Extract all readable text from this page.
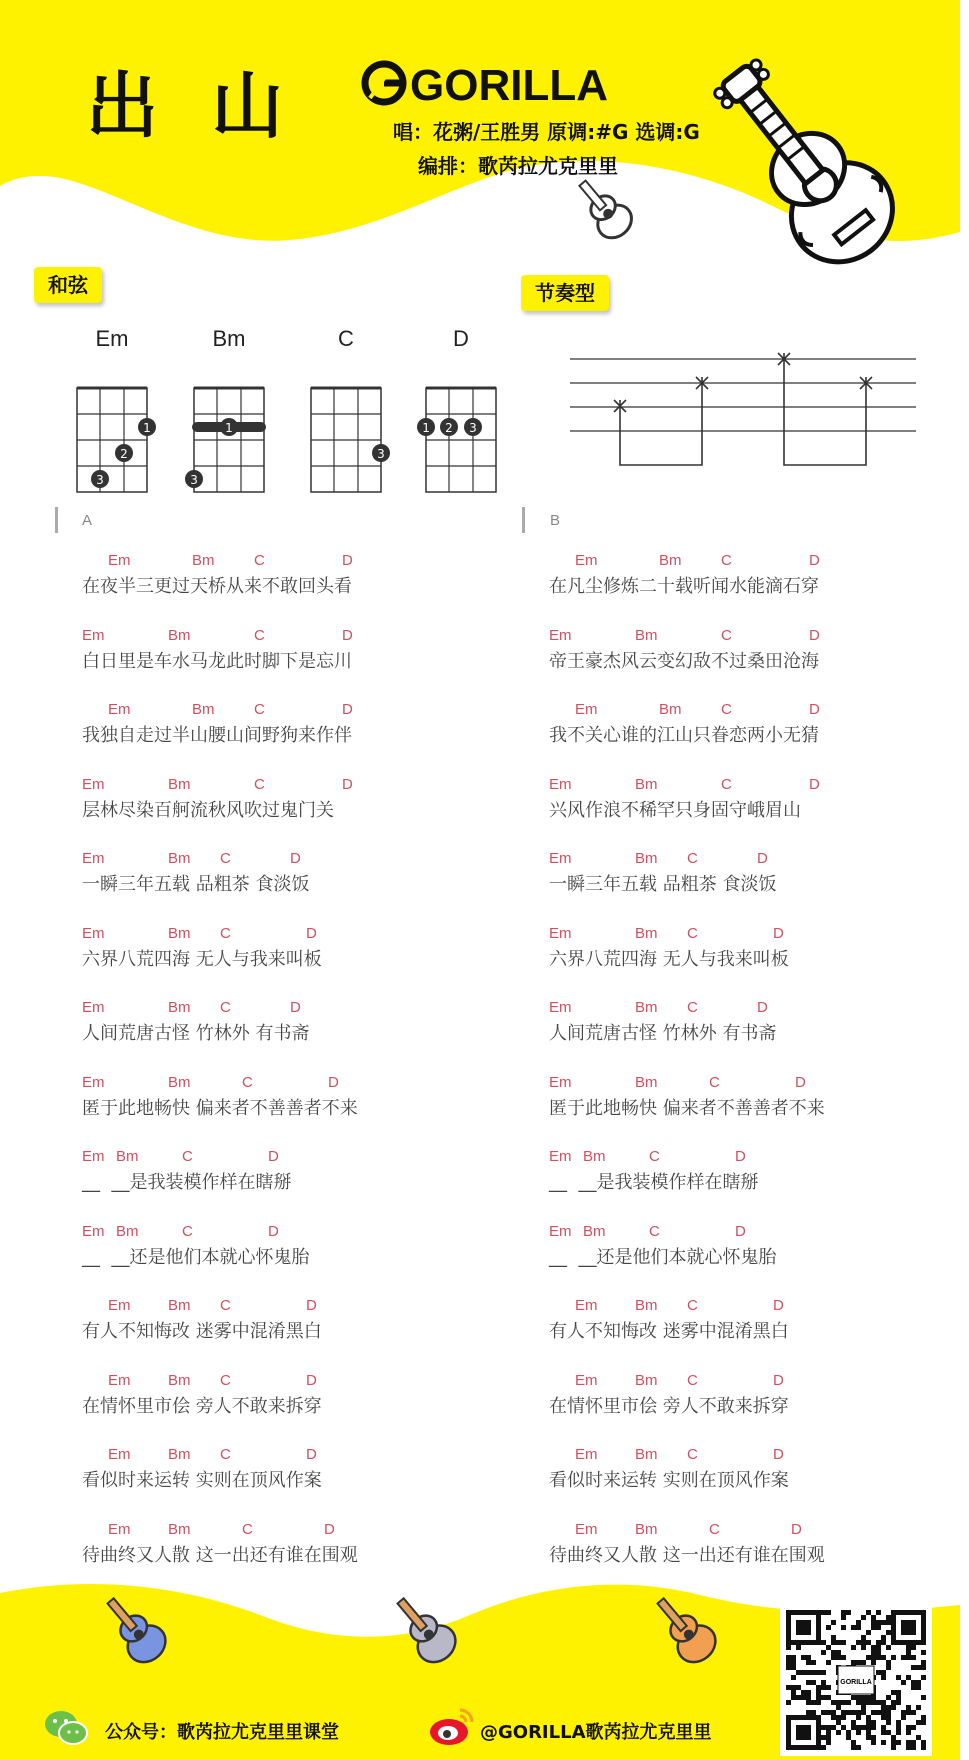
出 山	GORILLA
唱：花粥/王胜男 原调:#G 选调:G
编排：歌芮拉尤克里里
和弦	节奏型
Em
1
2
3
Bm
1
3
C
3
D
1 2 3
A	B
Em	Bm	C	D
在夜半三更过天桥从来不敢回头看
Em	Bm	C	D
白日里是车水马龙此时脚下是忘川
Em	Bm	C	D
我独自走过半山腰山间野狗来作伴
Em	Bm	C	D
层林尽染百舸流秋风吹过鬼门关
Em	Bm C	D
一瞬三年五载 品粗茶 食淡饭
Em	Bm C	D
六界八荒四海 无人与我来叫板
Em	Bm C	D
人间荒唐古怪 竹林外 有书斋
Em	Bm	C	D
匿于此地畅快 偏来者不善善者不来
Em Bm	C	D
__  __是我装模作样在瞎掰
Em Bm	C	D
__  __还是他们本就心怀鬼胎
Em	Bm C	D
有人不知悔改 迷雾中混淆黑白
Em	Bm C	D
在情怀里市侩 旁人不敢来拆穿
Em	Bm C	D
看似时来运转 实则在顶风作案
Em	Bm	C	D
待曲终又人散 这一出还有谁在围观
Em	Bm	C	D
在凡尘修炼二十载听闻水能滴石穿
Em	Bm	C	D
帝王豪杰风云变幻敌不过桑田沧海
Em	Bm	C	D
我不关心谁的江山只眷恋两小无猜
Em	Bm	C	D
兴风作浪不稀罕只身固守峨眉山
Em	Bm C	D
一瞬三年五载 品粗茶 食淡饭
Em	Bm C	D
六界八荒四海 无人与我来叫板
Em	Bm C	D
人间荒唐古怪 竹林外 有书斋
Em	Bm	C	D
匿于此地畅快 偏来者不善善者不来
Em Bm	C	D
__  __是我装模作样在瞎掰
Em Bm	C	D
__  __还是他们本就心怀鬼胎
Em	Bm C	D
有人不知悔改 迷雾中混淆黑白
Em	Bm C	D
在情怀里市侩 旁人不敢来拆穿
Em	Bm C	D
看似时来运转 实则在顶风作案
Em	Bm	C	D
待曲终又人散 这一出还有谁在围观
公众号：歌芮拉尤克里里课堂	@GORILLA歌芮拉尤克里里
GORILLA
